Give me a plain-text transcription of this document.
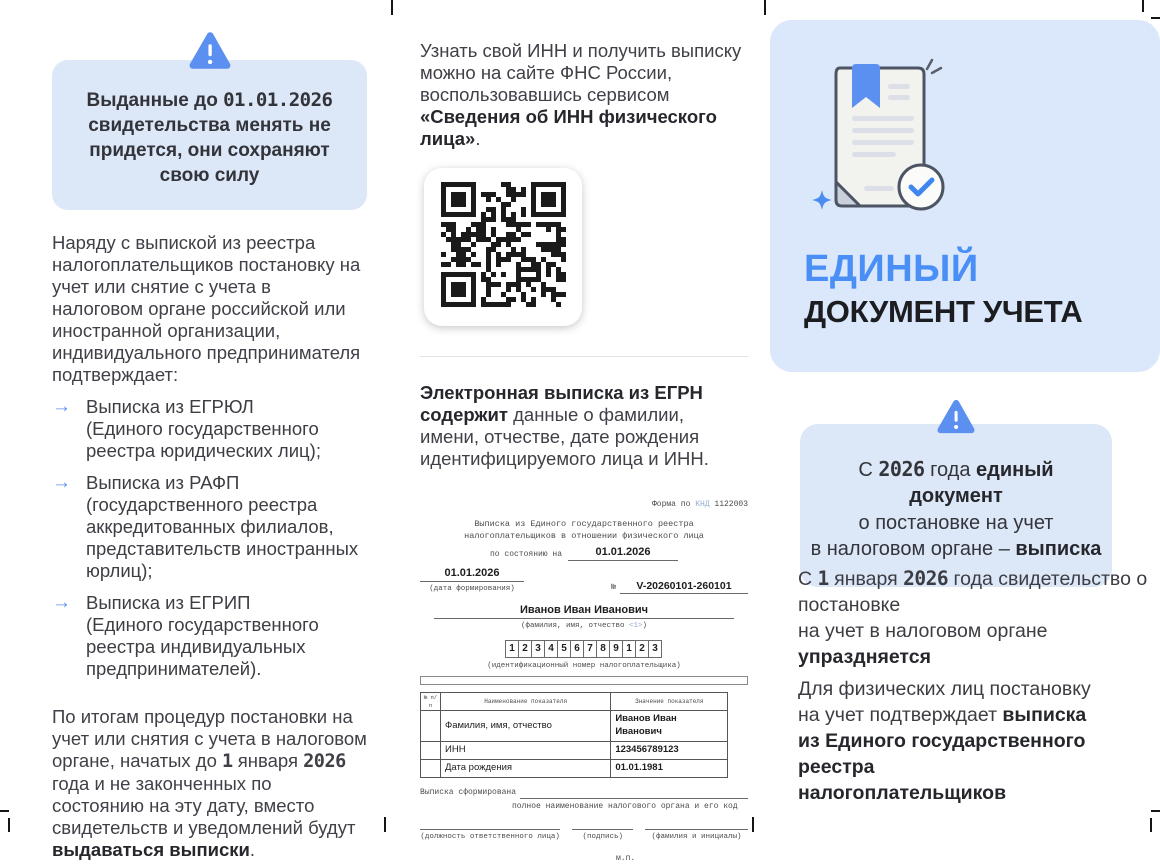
Выданные до 01.01.2026 свидетельства менять не придется, они сохраняют свою силу

Наряду с выпиской из реестра налогоплательщиков постановку на учет или снятие с учета в налоговом органе российской или иностранной организации, индивидуального предпринимателя подтверждает:

→ Выписка из ЕГРЮЛ
(Единого государственного реестра юридических лиц);
→ Выписка из РАФП
(государственного реестра аккредитованных филиалов, представительств иностранных юрлиц);
→ Выписка из ЕГРИП
(Единого государственного реестра индивидуальных предпринимателей).

По итогам процедур постановки на учет или снятия с учета в налоговом органе, начатых до 1 января 2026 года и не законченных по состоянию на эту дату, вместо свидетельств и уведомлений будут выдаваться выписки.

Узнать свой ИНН и получить выписку можно на сайте ФНС России, воспользовавшись сервисом «Сведения об ИНН физического лица».

Электронная выписка из ЕГРН содержит данные о фамилии, имени, отчестве, дате рождения идентифицируемого лица и ИНН.

Форма по КНД 1122003
Выписка из Единого государственного реестра
налогоплательщиков в отношении физического лица
по состоянию на	01.01.2026
01.01.2026
(дата формирования)	№	V-20260101-260101
Иванов Иван Иванович
(фамилия, имя, отчество <1>)
1 2 3 4 5 6 7 8 9 1 2 3
(идентификационный номер налогоплательщика)
№ п/п	Наименование показателя	Значение показателя
	Фамилия, имя, отчество	Иванов Иван Иванович
	ИНН	123456789123
	Дата рождения	01.01.1981
Выписка сформирована
полное наименование налогового органа и его код
(должность ответственного лица)	(подпись)	(фамилия и инициалы)
м.п.
ЕДИНЫЙ
ДОКУМЕНТ УЧЕТА
С 2026 года единый документ
о постановке на учет
в налоговом органе – выписка
С 1 января 2026 года свидетельство о
постановке
на учет в налоговом органе
упраздняется
Для физических лиц постановку
на учет подтверждает выписка
из Единого государственного реестра
налогоплательщиков
